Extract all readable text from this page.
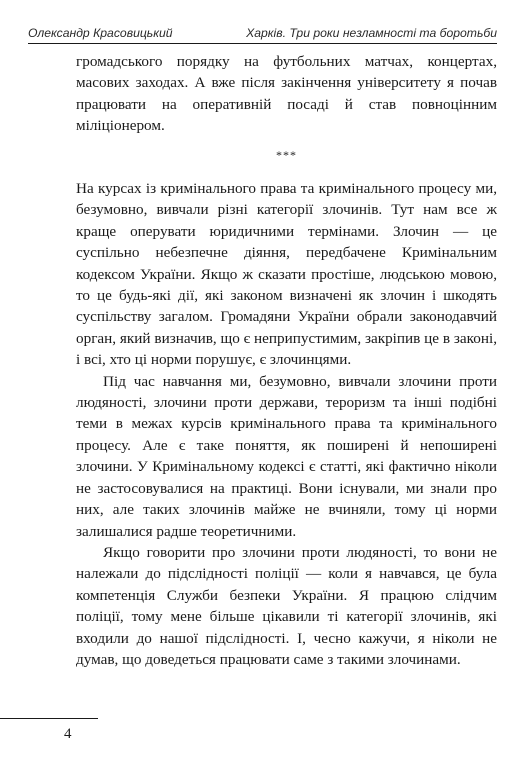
Олександр Красовицький	Харків. Три роки незламності та боротьби

громадського порядку на футбольних матчах, концертах, масових заходах. А вже після закінчення університету я почав працювати на оперативній посаді й став повноцінним міліціонером.

***

На курсах із кримінального права та кримінального процесу ми, безумовно, вивчали різні категорії злочинів. Тут нам все ж краще оперувати юридичними термінами. Злочин — це суспільно небезпечне діяння, передбачене Кримінальним кодексом України. Якщо ж сказати простіше, людською мовою, то це будь-які дії, які законом визначені як злочин і шкодять суспільству загалом. Громадяни України обрали законодавчий орган, який визначив, що є неприпустимим, закріпив це в законі, і всі, хто ці норми порушує, є злочинцями.

Під час навчання ми, безумовно, вивчали злочини проти людяності, злочини проти держави, тероризм та інші подібні теми в межах курсів кримінального права та кримінального процесу. Але є таке поняття, як поширені й непоширені злочини. У Кримінальному кодексі є статті, які фактично ніколи не застосовувалися на практиці. Вони існували, ми знали про них, але таких злочинів майже не вчиняли, тому ці норми залишалися радше теоретичними.

Якщо говорити про злочини проти людяності, то вони не належали до підслідності поліції — коли я навчався, це була компетенція Служби безпеки України. Я працюю слідчим поліції, тому мене більше цікавили ті категорії злочинів, які входили до нашої підслідності. І, чесно кажучи, я ніколи не думав, що доведеться працювати саме з такими злочинами.

4
